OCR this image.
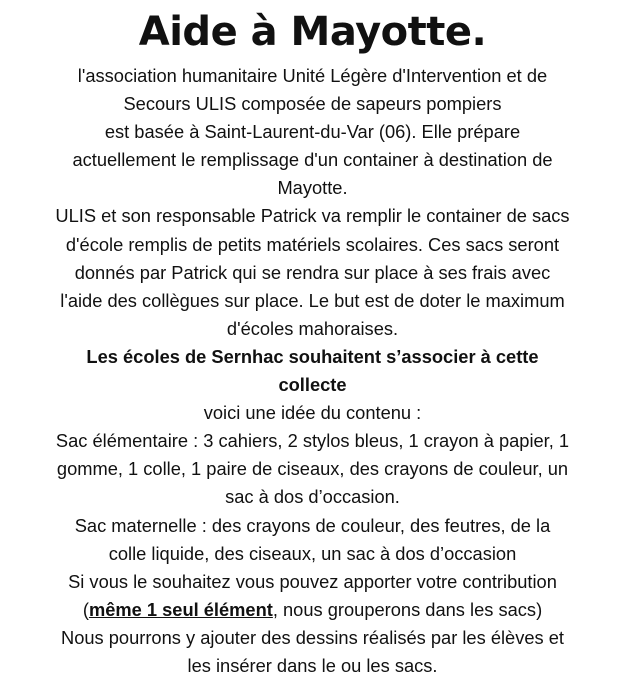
Aide à Mayotte.
l'association humanitaire Unité Légère d'Intervention et de
Secours ULIS composée de sapeurs pompiers
est basée à Saint-Laurent-du-Var (06). Elle prépare
actuellement le remplissage d'un container à destination de
Mayotte.
ULIS et son responsable Patrick va remplir le container de sacs
d'école remplis de petits matériels scolaires. Ces sacs seront
donnés par Patrick qui se rendra sur place à ses frais avec
l'aide des collègues sur place. Le but est de doter le maximum
d'écoles mahoraises.
Les écoles de Sernhac souhaitent s’associer à cette
collecte
voici une idée du contenu :
Sac élémentaire : 3 cahiers, 2 stylos bleus, 1 crayon à papier, 1
gomme, 1 colle, 1 paire de ciseaux, des crayons de couleur, un
sac à dos d’occasion.
Sac maternelle : des crayons de couleur, des feutres, de la
colle liquide, des ciseaux, un sac à dos d’occasion
Si vous le souhaitez vous pouvez apporter votre contribution
(même 1 seul élément, nous grouperons dans les sacs)
Nous pourrons y ajouter des dessins réalisés par les élèves et
les insérer dans le ou les sacs.
